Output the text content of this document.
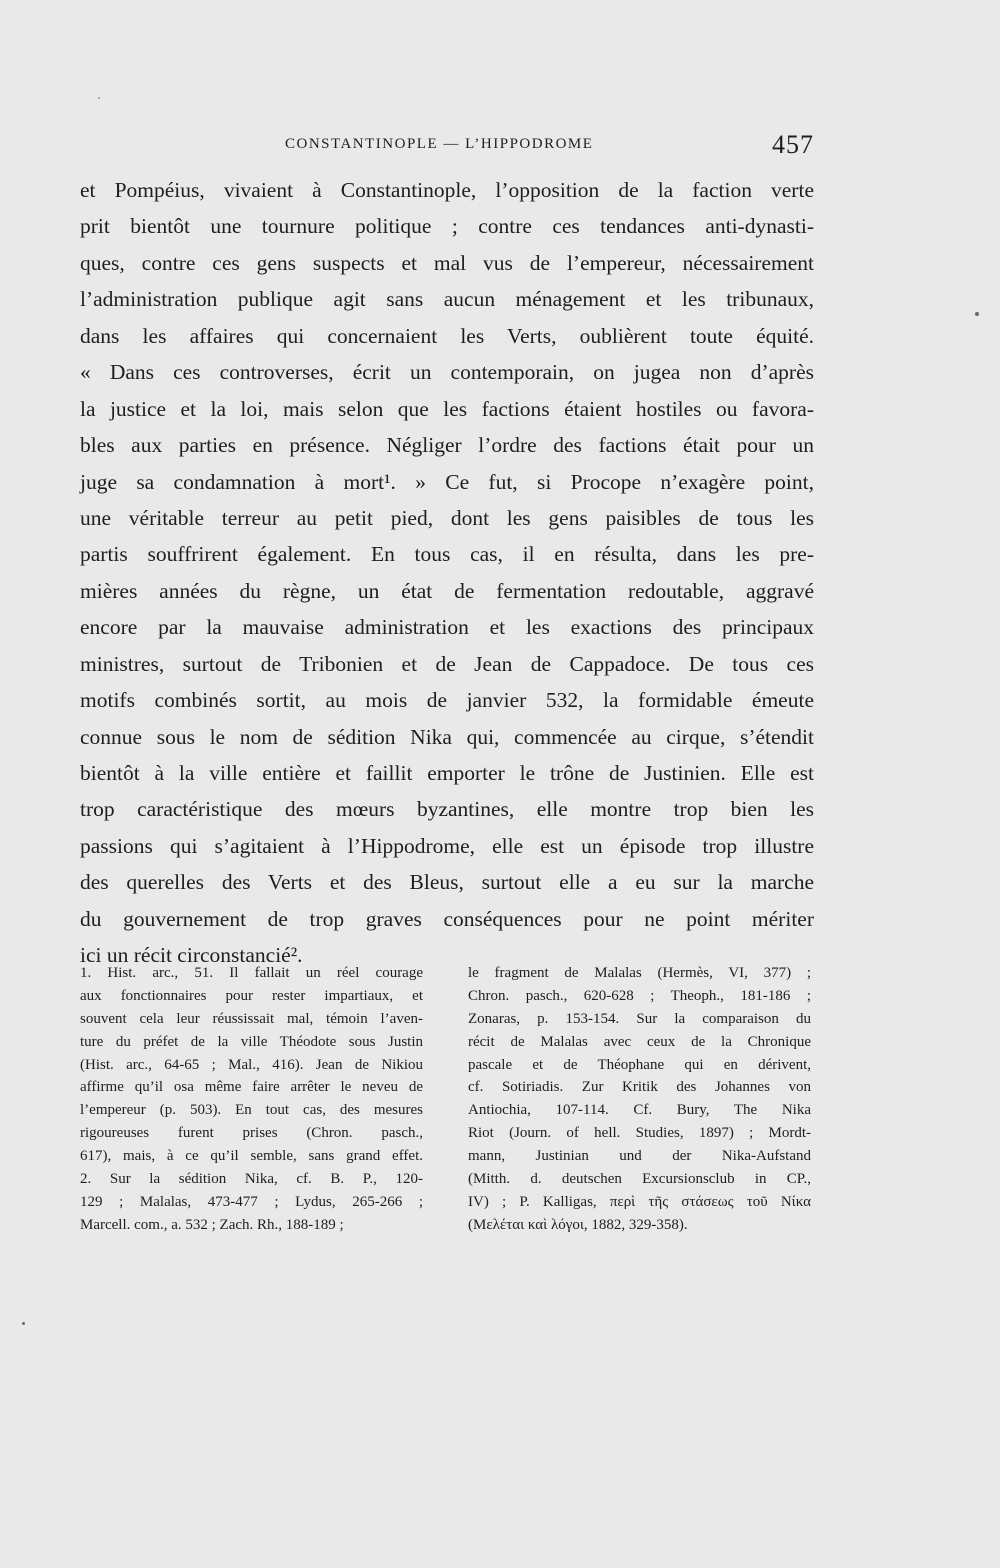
CONSTANTINOPLE — L’HIPPODROME	457
et Pompéius, vivaient à Constantinople, l’opposition de la faction verte
prit bientôt une tournure politique ; contre ces tendances anti-dynasti-
ques, contre ces gens suspects et mal vus de l’empereur, nécessairement
l’administration publique agit sans aucun ménagement et les tribunaux,
dans les affaires qui concernaient les Verts, oublièrent toute équité.
« Dans ces controverses, écrit un contemporain, on jugea non d’après
la justice et la loi, mais selon que les factions étaient hostiles ou favora-
bles aux parties en présence. Négliger l’ordre des factions était pour un
juge sa condamnation à mort¹. » Ce fut, si Procope n’exagère point,
une véritable terreur au petit pied, dont les gens paisibles de tous les
partis souffrirent également. En tous cas, il en résulta, dans les pre-
mières années du règne, un état de fermentation redoutable, aggravé
encore par la mauvaise administration et les exactions des principaux
ministres, surtout de Tribonien et de Jean de Cappadoce. De tous ces
motifs combinés sortit, au mois de janvier 532, la formidable émeute
connue sous le nom de sédition Nika qui, commencée au cirque, s’étendit
bientôt à la ville entière et faillit emporter le trône de Justinien. Elle est
trop caractéristique des mœurs byzantines, elle montre trop bien les
passions qui s’agitaient à l’Hippodrome, elle est un épisode trop illustre
des querelles des Verts et des Bleus, surtout elle a eu sur la marche
du gouvernement de trop graves conséquences pour ne point mériter
ici un récit circonstancié².
1. Hist. arc., 51. Il fallait un réel courage
aux fonctionnaires pour rester impartiaux, et
souvent cela leur réussissait mal, témoin l’aven-
ture du préfet de la ville Théodote sous Justin
(Hist. arc., 64-65 ; Mal., 416). Jean de Nikiou
affirme qu’il osa même faire arrêter le neveu de
l’empereur (p. 503). En tout cas, des mesures
rigoureuses furent prises (Chron. pasch.,
617), mais, à ce qu’il semble, sans grand effet.
2. Sur la sédition Nika, cf. B. P., 120-
129 ; Malalas, 473-477 ; Lydus, 265-266 ;
Marcell. com., a. 532 ; Zach. Rh., 188-189 ;
le fragment de Malalas (Hermès, VI, 377) ;
Chron. pasch., 620-628 ; Theoph., 181-186 ;
Zonaras, p. 153-154. Sur la comparaison du
récit de Malalas avec ceux de la Chronique
pascale et de Théophane qui en dérivent,
cf. Sotiriadis. Zur Kritik des Johannes von
Antiochia, 107-114. Cf. Bury, The Nika
Riot (Journ. of hell. Studies, 1897) ; Mordt-
mann, Justinian und der Nika-Aufstand
(Mitth. d. deutschen Excursionsclub in CP.,
IV) ; P. Kalligas, περὶ τῆς στάσεως τοῦ Νίκα
(Μελέται καὶ λόγοι, 1882, 329-358).
